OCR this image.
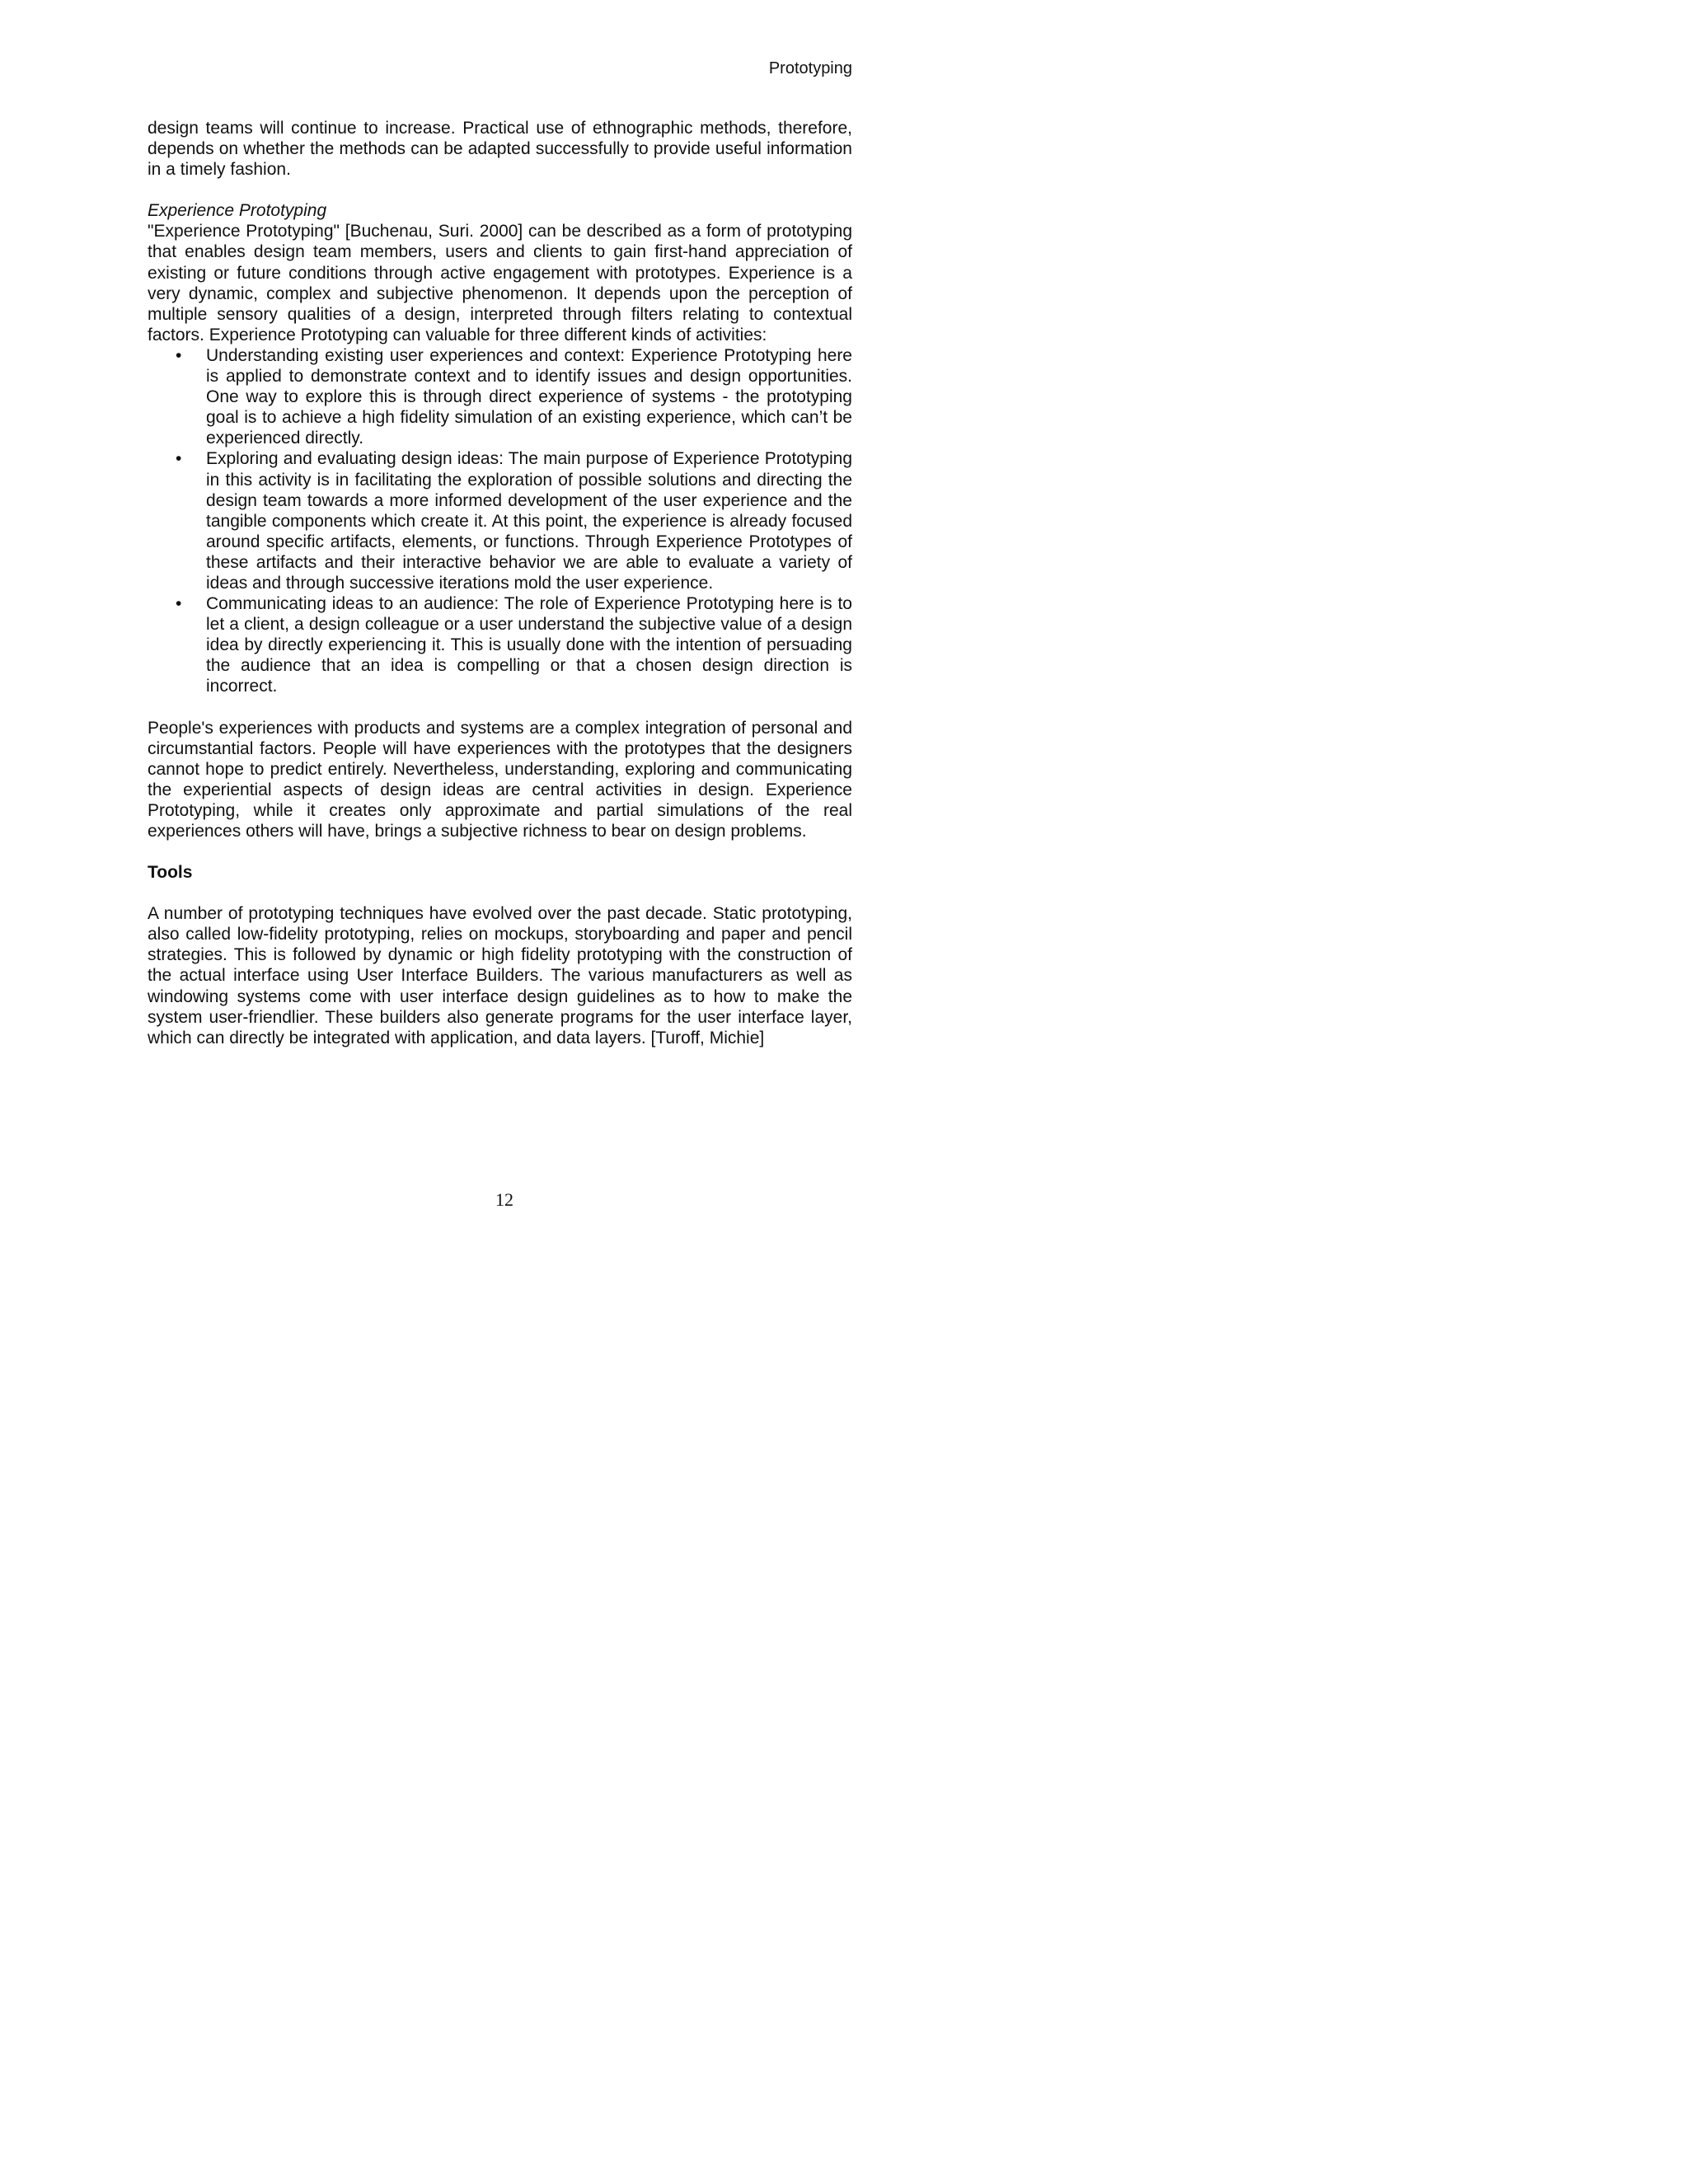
Prototyping

design teams will continue to increase. Practical use of ethnographic methods, therefore, depends on whether the methods can be adapted successfully to provide useful information in a timely fashion.

Experience Prototyping

"Experience Prototyping" [Buchenau, Suri. 2000] can be described as a form of prototyping that enables design team members, users and clients to gain first-hand appreciation of existing or future conditions through active engagement with prototypes. Experience is a very dynamic, complex and subjective phenomenon. It depends upon the perception of multiple sensory qualities of a design, interpreted through filters relating to contextual factors. Experience Prototyping can valuable for three different kinds of activities:

• Understanding existing user experiences and context: Experience Prototyping here is applied to demonstrate context and to identify issues and design opportunities. One way to explore this is through direct experience of systems - the prototyping goal is to achieve a high fidelity simulation of an existing experience, which can’t be experienced directly.
• Exploring and evaluating design ideas: The main purpose of Experience Prototyping in this activity is in facilitating the exploration of possible solutions and directing the design team towards a more informed development of the user experience and the tangible components which create it. At this point, the experience is already focused around specific artifacts, elements, or functions. Through Experience Prototypes of these artifacts and their interactive behavior we are able to evaluate a variety of ideas and through successive iterations mold the user experience.
• Communicating ideas to an audience: The role of Experience Prototyping here is to let a client, a design colleague or a user understand the subjective value of a design idea by directly experiencing it. This is usually done with the intention of persuading the audience that an idea is compelling or that a chosen design direction is incorrect.

People's experiences with products and systems are a complex integration of personal and circumstantial factors. People will have experiences with the prototypes that the designers cannot hope to predict entirely. Nevertheless, understanding, exploring and communicating the experiential aspects of design ideas are central activities in design. Experience Prototyping, while it creates only approximate and partial simulations of the real experiences others will have, brings a subjective richness to bear on design problems.

Tools

A number of prototyping techniques have evolved over the past decade. Static prototyping, also called low-fidelity prototyping, relies on mockups, storyboarding and paper and pencil strategies. This is followed by dynamic or high fidelity prototyping with the construction of the actual interface using User Interface Builders. The various manufacturers as well as windowing systems come with user interface design guidelines as to how to make the system user-friendlier. These builders also generate programs for the user interface layer, which can directly be integrated with application, and data layers. [Turoff, Michie]

12
